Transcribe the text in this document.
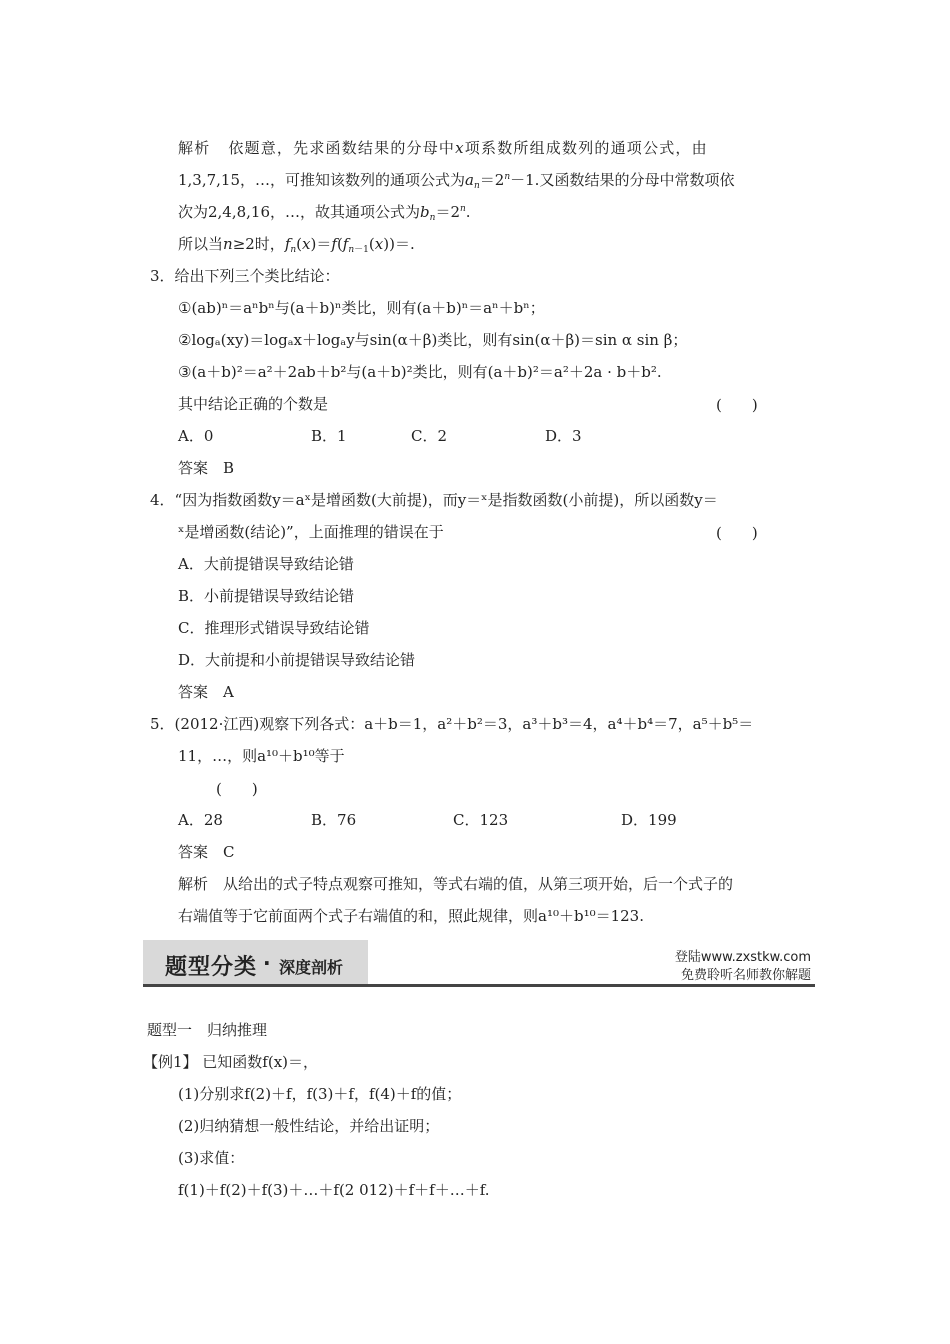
解析 依题意，先求函数结果的分母中x项系数所组成数列的通项公式，由
1,3,7,15，…，可推知该数列的通项公式为$a_n=2^n-1$.又函数结果的分母中常数项依
次为2,4,8,16，…，故其通项公式为$b_n=2^n$.
所以当n≥2时，$f_n(x)=f(f_{n-1}(x))=$.
3．给出下列三个类比结论：
①(ab)ⁿ＝aⁿbⁿ与(a＋b)ⁿ类比，则有(a＋b)ⁿ＝aⁿ＋bⁿ；
②logₐ(xy)＝logₐx＋logₐy与sin(α＋β)类比，则有sin(α＋β)＝sin α sin β；
③(a＋b)²＝a²＋2ab＋b²与(a＋b)²类比，则有(a＋b)²＝a²＋2a · b＋b².
其中结论正确的个数是	(　　)
A．0	B．1	C．2	D．3
答案　B
4．“因为指数函数y＝aˣ是增函数(大前提)，而y＝ˣ是指数函数(小前提)，所以函数y＝
ˣ是增函数(结论)”，上面推理的错误在于	(　　)
A．大前提错误导致结论错
B．小前提错误导致结论错
C．推理形式错误导致结论错
D．大前提和小前提错误导致结论错
答案　A
5．(2012·江西)观察下列各式：a＋b＝1，a²＋b²＝3，a³＋b³＝4，a⁴＋b⁴＝7，a⁵＋b⁵＝
11，…，则a¹⁰＋b¹⁰等于
(　　)
A．28	B．76	C．123	D．199
答案　C
解析　从给出的式子特点观察可推知，等式右端的值，从第三项开始，后一个式子的
右端值等于它前面两个式子右端值的和，照此规律，则a¹⁰＋b¹⁰＝123.
题型分类 · 深度剖析
登陆www.zxstkw.com
免费聆听名师教你解题
题型一　归纳推理
【例1】 已知函数f(x)＝，
(1)分别求f(2)＋f，f(3)＋f，f(4)＋f的值；
(2)归纳猜想一般性结论，并给出证明；
(3)求值：
f(1)＋f(2)＋f(3)＋…＋f(2 012)＋f＋f＋…＋f.
